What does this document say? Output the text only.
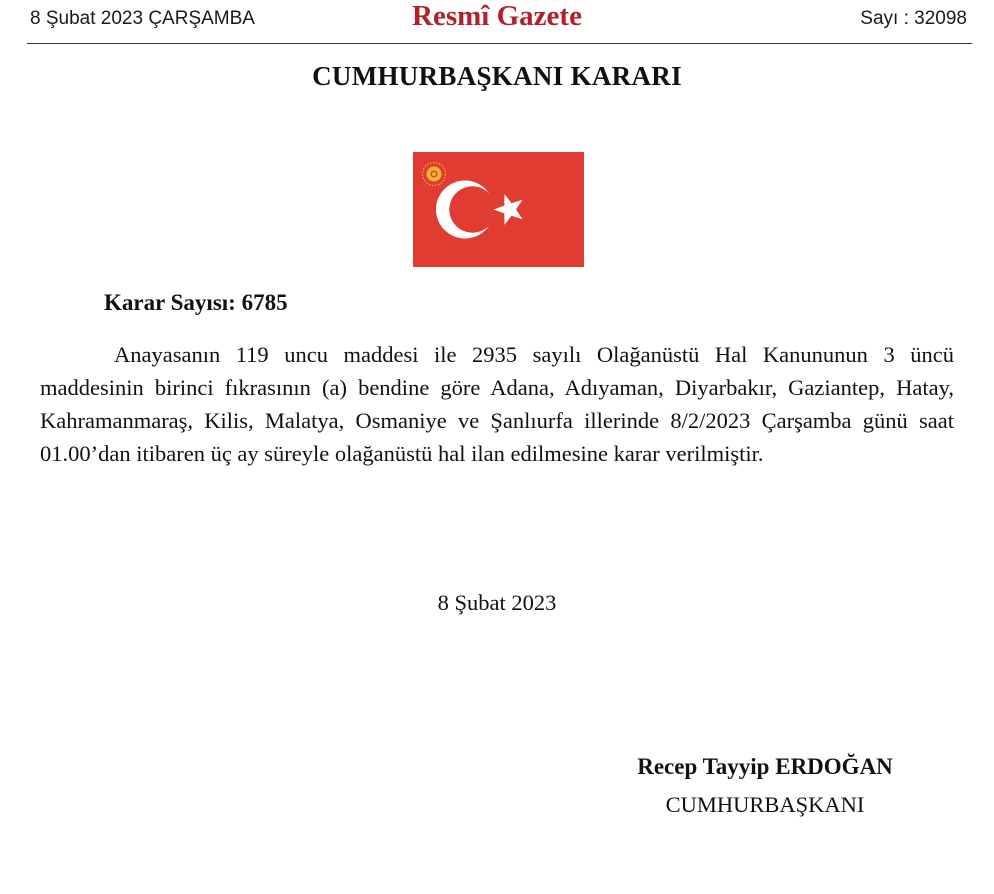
8 Şubat 2023 ÇARŞAMBA	Resmî Gazete	Sayı : 32098
CUMHURBAŞKANI KARARI
Karar Sayısı: 6785

Anayasanın 119 uncu maddesi ile 2935 sayılı Olağanüstü Hal Kanununun 3 üncü maddesinin birinci fıkrasının (a) bendine göre Adana, Adıyaman, Diyarbakır, Gaziantep, Hatay, Kahramanmaraş, Kilis, Malatya, Osmaniye ve Şanlıurfa illerinde 8/2/2023 Çarşamba günü saat 01.00’dan itibaren üç ay süreyle olağanüstü hal ilan edilmesine karar verilmiştir.

8 Şubat 2023
Recep Tayyip ERDOĞAN
CUMHURBAŞKANI
